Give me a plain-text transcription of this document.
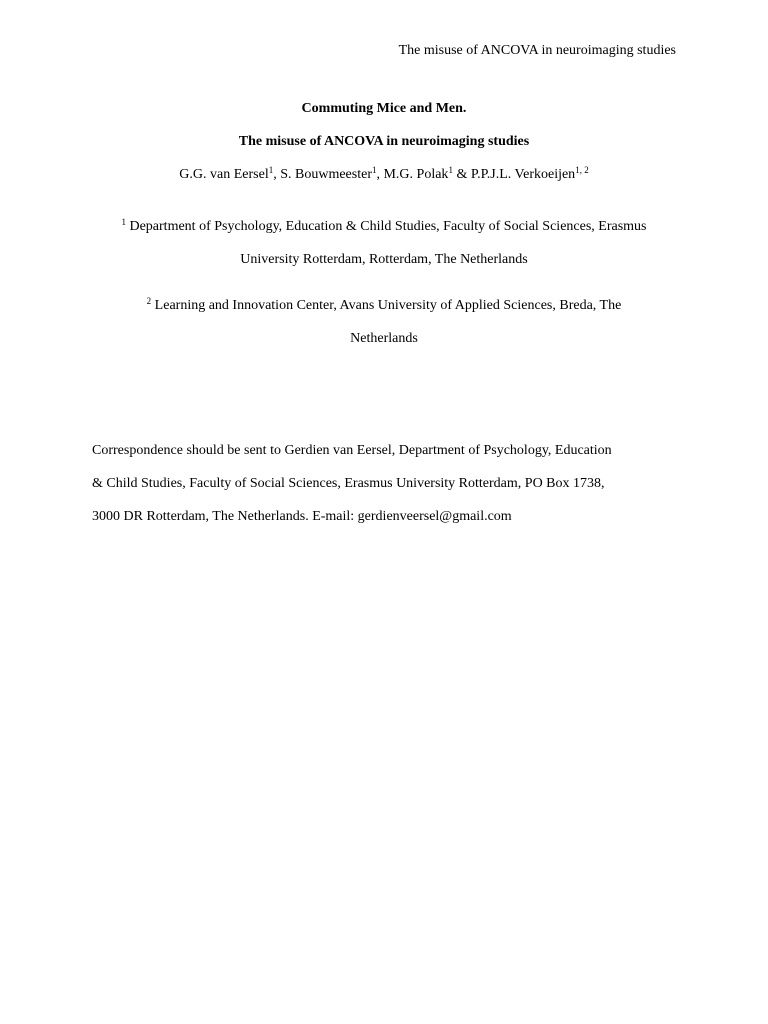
The misuse of ANCOVA in neuroimaging studies
Commuting Mice and Men.
The misuse of ANCOVA in neuroimaging studies
G.G. van Eersel$^1$, S. Bouwmeester$^1$, M.G. Polak$^1$ & P.P.J.L. Verkoeijen$^{1, 2}$
$^1$ Department of Psychology, Education & Child Studies, Faculty of Social Sciences, Erasmus
University Rotterdam, Rotterdam, The Netherlands
$^2$ Learning and Innovation Center, Avans University of Applied Sciences, Breda, The
Netherlands
Correspondence should be sent to Gerdien van Eersel, Department of Psychology, Education
& Child Studies, Faculty of Social Sciences, Erasmus University Rotterdam, PO Box 1738,
3000 DR Rotterdam, The Netherlands. E-mail: gerdienveersel@gmail.com
